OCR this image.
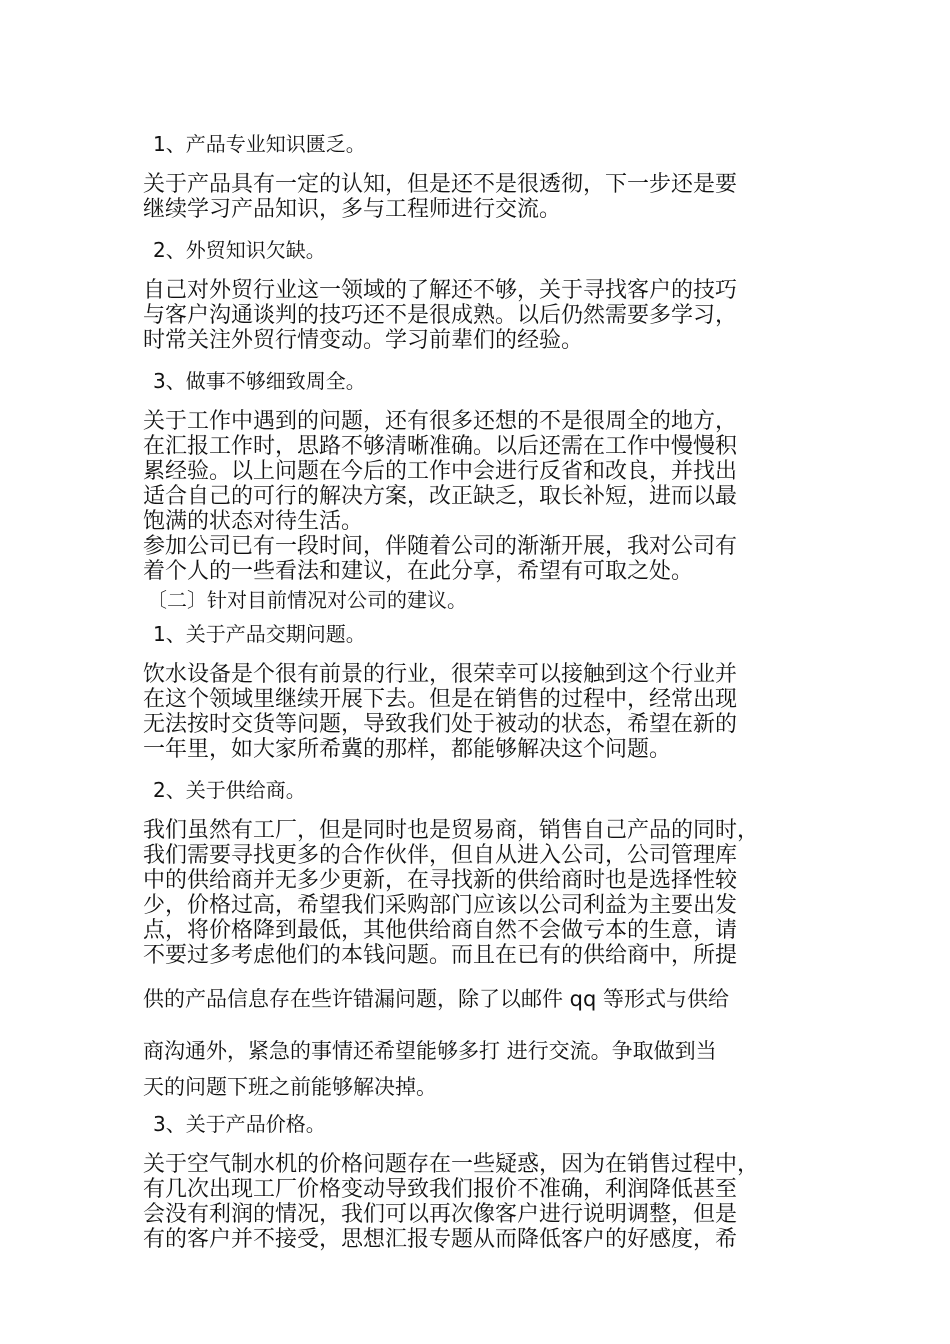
1、产品专业知识匮乏。
关于产品具有一定的认知，但是还不是很透彻，下一步还是要
继续学习产品知识，多与工程师进行交流。
2、外贸知识欠缺。
自己对外贸行业这一领域的了解还不够，关于寻找客户的技巧
与客户沟通谈判的技巧还不是很成熟。以后仍然需要多学习，
时常关注外贸行情变动。学习前辈们的经验。
3、做事不够细致周全。
关于工作中遇到的问题，还有很多还想的不是很周全的地方，
在汇报工作时，思路不够清晰准确。以后还需在工作中慢慢积
累经验。以上问题在今后的工作中会进行反省和改良，并找出
适合自己的可行的解决方案，改正缺乏，取长补短，进而以最
饱满的状态对待生活。
参加公司已有一段时间，伴随着公司的渐渐开展，我对公司有
着个人的一些看法和建议，在此分享，希望有可取之处。
〔二〕针对目前情况对公司的建议。
1、关于产品交期问题。
饮水设备是个很有前景的行业，很荣幸可以接触到这个行业并
在这个领域里继续开展下去。但是在销售的过程中，经常出现
无法按时交货等问题，导致我们处于被动的状态，希望在新的
一年里，如大家所希冀的那样，都能够解决这个问题。
2、关于供给商。
我们虽然有工厂，但是同时也是贸易商，销售自己产品的同时，
我们需要寻找更多的合作伙伴，但自从进入公司，公司管理库
中的供给商并无多少更新，在寻找新的供给商时也是选择性较
少，价格过高，希望我们采购部门应该以公司利益为主要出发
点，将价格降到最低，其他供给商自然不会做亏本的生意，请
不要过多考虑他们的本钱问题。而且在已有的供给商中，所提
供的产品信息存在些许错漏问题，除了以邮件 qq 等形式与供给
商沟通外，紧急的事情还希望能够多打 进行交流。争取做到当
天的问题下班之前能够解决掉。
3、关于产品价格。
关于空气制水机的价格问题存在一些疑惑，因为在销售过程中，
有几次出现工厂价格变动导致我们报价不准确，利润降低甚至
会没有利润的情况，我们可以再次像客户进行说明调整，但是
有的客户并不接受，思想汇报专题从而降低客户的好感度，希
